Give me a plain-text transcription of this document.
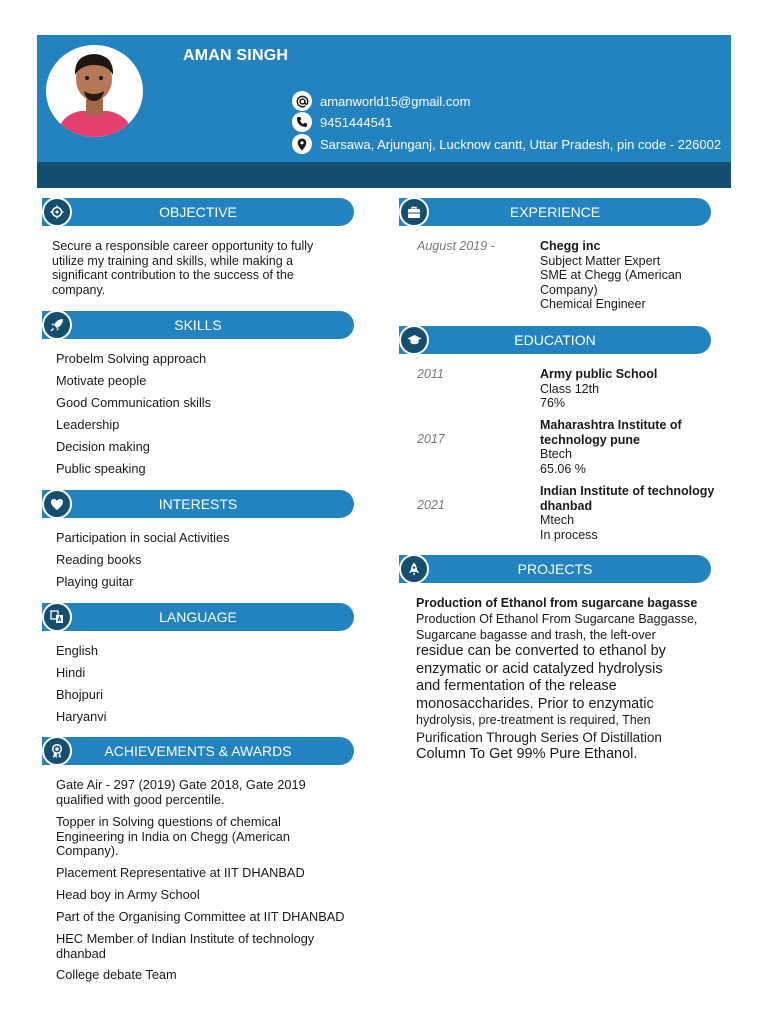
AMAN SINGH
amanworld15@gmail.com
9451444541
Sarsawa, Arjunganj, Lucknow cantt, Uttar Pradesh, pin code - 226002
OBJECTIVE
Secure a responsible career opportunity to fully
utilize my training and skills, while making a
significant contribution to the success of the
company.
SKILLS
Probelm Solving approach
Motivate people
Good Communication skills
Leadership
Decision making
Public speaking
INTERESTS
Participation in social Activities
Reading books
Playing guitar
LANGUAGE
English
Hindi
Bhojpuri
Haryanvi
ACHIEVEMENTS & AWARDS
Gate Air - 297 (2019) Gate 2018, Gate 2019
qualified with good percentile.
Topper in Solving questions of chemical
Engineering in India on Chegg (American
Company).
Placement Representative at IIT DHANBAD
Head boy in Army School
Part of the Organising Committee at IIT DHANBAD
HEC Member of Indian Institute of technology
dhanbad
College debate Team
EXPERIENCE
August 2019 -	Chegg inc
Subject Matter Expert
SME at Chegg (American
Company)
Chemical Engineer
EDUCATION
2011	Army public School
Class 12th
76%
2017
Maharashtra Institute of
technology pune
Btech
65.06 %
2021
Indian Institute of technology
dhanbad
Mtech
In process
PROJECTS
Production of Ethanol from sugarcane bagasse
Production Of Ethanol From Sugarcane Baggasse,
Sugarcane bagasse and trash, the left-over
residue can be converted to ethanol by
enzymatic or acid catalyzed hydrolysis
and fermentation of the release
monosaccharides. Prior to enzymatic
hydrolysis, pre-treatment is required, Then
Purification Through Series Of Distillation
Column To Get 99% Pure Ethanol.
